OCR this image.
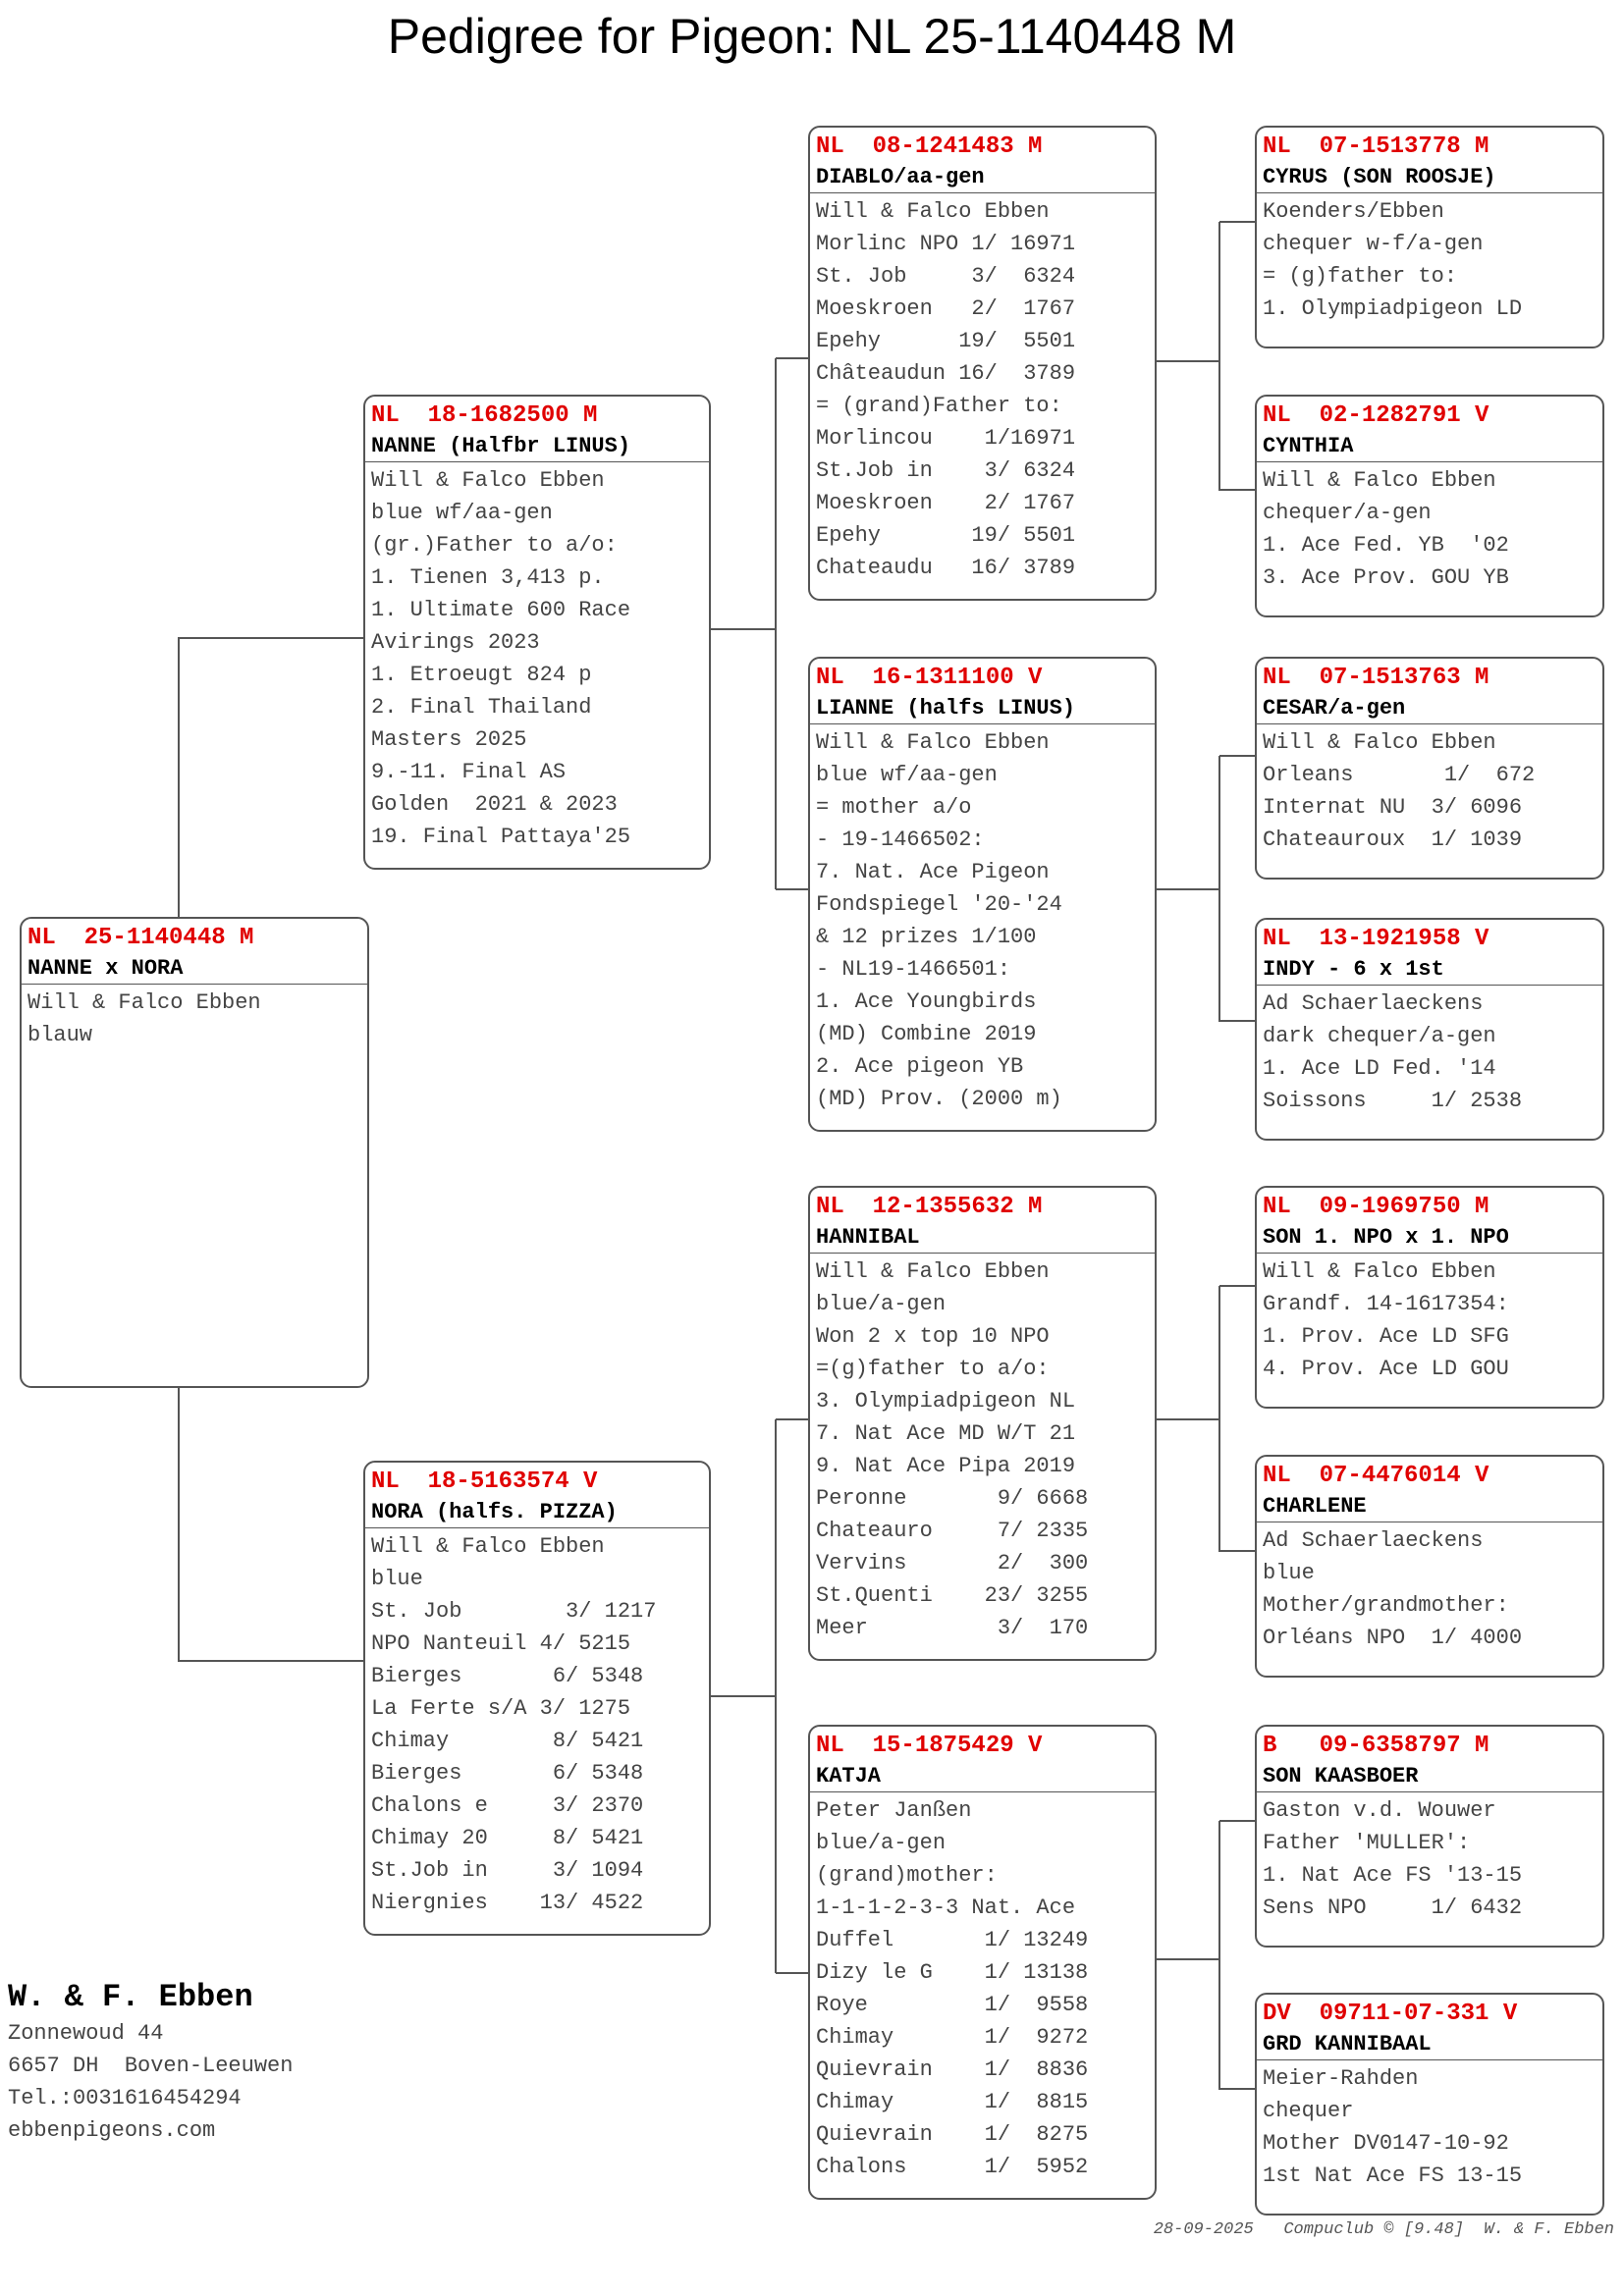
Pedigree for Pigeon: NL 25-1140448 M
NL  25-1140448 M
NANNE x NORA
Will & Falco Ebben
blauw
NL  18-1682500 M
NANNE (Halfbr LINUS)
Will & Falco Ebben
blue wf/aa-gen
(gr.)Father to a/o:
1. Tienen 3,413 p.
1. Ultimate 600 Race
Avirings 2023
1. Etroeugt 824 p
2. Final Thailand
Masters 2025
9.-11. Final AS
Golden  2021 & 2023
19. Final Pattaya'25
NL  18-5163574 V
NORA (halfs. PIZZA)
Will & Falco Ebben
blue
St. Job        3/ 1217
NPO Nanteuil 4/ 5215
Bierges       6/ 5348
La Ferte s/A 3/ 1275
Chimay        8/ 5421
Bierges       6/ 5348
Chalons e     3/ 2370
Chimay 20     8/ 5421
St.Job in     3/ 1094
Niergnies    13/ 4522
NL  08-1241483 M
DIABLO/aa-gen
Will & Falco Ebben
Morlinc NPO 1/ 16971
St. Job     3/  6324
Moeskroen   2/  1767
Epehy      19/  5501
Châteaudun 16/  3789
= (grand)Father to:
Morlincou    1/16971
St.Job in    3/ 6324
Moeskroen    2/ 1767
Epehy       19/ 5501
Chateaudu   16/ 3789
NL  16-1311100 V
LIANNE (halfs LINUS)
Will & Falco Ebben
blue wf/aa-gen
= mother a/o
- 19-1466502:
7. Nat. Ace Pigeon
Fondspiegel '20-'24
& 12 prizes 1/100
- NL19-1466501:
1. Ace Youngbirds
(MD) Combine 2019
2. Ace pigeon YB
(MD) Prov. (2000 m)
NL  12-1355632 M
HANNIBAL
Will & Falco Ebben
blue/a-gen
Won 2 x top 10 NPO
=(g)father to a/o:
3. Olympiadpigeon NL
7. Nat Ace MD W/T 21
9. Nat Ace Pipa 2019
Peronne       9/ 6668
Chateauro     7/ 2335
Vervins       2/  300
St.Quenti    23/ 3255
Meer          3/  170
NL  15-1875429 V
KATJA
Peter Janßen
blue/a-gen
(grand)mother:
1-1-1-2-3-3 Nat. Ace
Duffel       1/ 13249
Dizy le G    1/ 13138
Roye         1/  9558
Chimay       1/  9272
Quievrain    1/  8836
Chimay       1/  8815
Quievrain    1/  8275
Chalons      1/  5952
NL  07-1513778 M
CYRUS (SON ROOSJE)
Koenders/Ebben
chequer w-f/a-gen
= (g)father to:
1. Olympiadpigeon LD
NL  02-1282791 V
CYNTHIA
Will & Falco Ebben
chequer/a-gen
1. Ace Fed. YB  '02
3. Ace Prov. GOU YB
NL  07-1513763 M
CESAR/a-gen
Will & Falco Ebben
Orleans       1/  672
Internat NU  3/ 6096
Chateauroux  1/ 1039
NL  13-1921958 V
INDY - 6 x 1st
Ad Schaerlaeckens
dark chequer/a-gen
1. Ace LD Fed. '14
Soissons     1/ 2538
NL  09-1969750 M
SON 1. NPO x 1. NPO
Will & Falco Ebben
Grandf. 14-1617354:
1. Prov. Ace LD SFG
4. Prov. Ace LD GOU
NL  07-4476014 V
CHARLENE
Ad Schaerlaeckens
blue
Mother/grandmother:
Orléans NPO  1/ 4000
B   09-6358797 M
SON KAASBOER
Gaston v.d. Wouwer
Father 'MULLER':
1. Nat Ace FS '13-15
Sens NPO     1/ 6432
DV  09711-07-331 V
GRD KANNIBAAL
Meier-Rahden
chequer
Mother DV0147-10-92
1st Nat Ace FS 13-15
W. & F. Ebben
Zonnewoud 44
6657 DH  Boven-Leeuwen
Tel.:0031616454294
ebbenpigeons.com
28-09-2025   Compuclub © [9.48]  W. & F. Ebben
